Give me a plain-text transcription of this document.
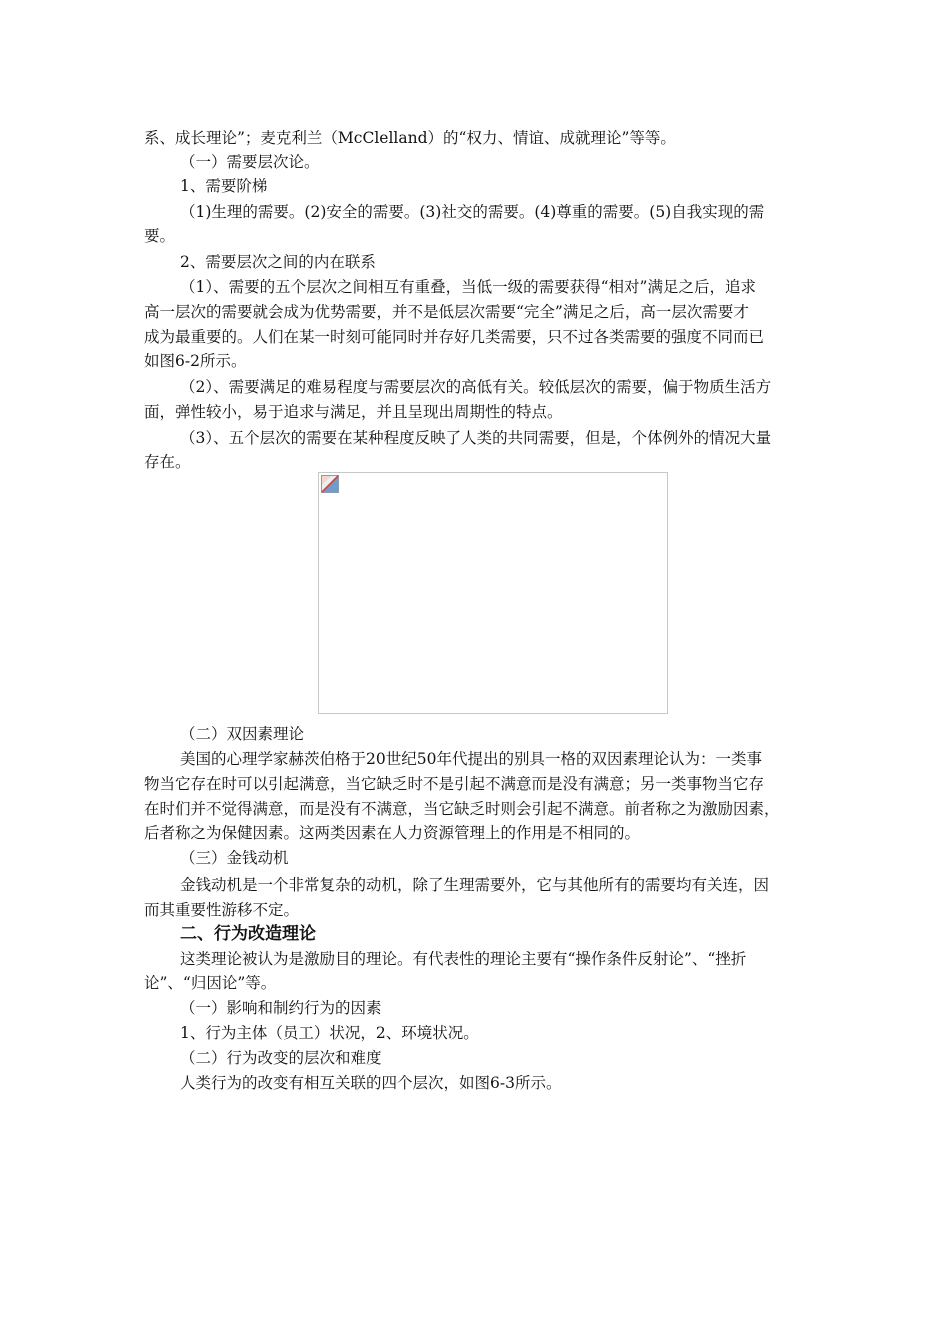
系、成长理论”；麦克利兰（McClelland）的“权力、情谊、成就理论”等等。
（一）需要层次论。
1、需要阶梯
（1)生理的需要。(2)安全的需要。(3)社交的需要。(4)尊重的需要。(5)自我实现的需
要。
2、需要层次之间的内在联系
（1）、需要的五个层次之间相互有重叠，当低一级的需要获得“相对”满足之后，追求
高一层次的需要就会成为优势需要，并不是低层次需要“完全”满足之后，高一层次需要才
成为最重要的。人们在某一时刻可能同时并存好几类需要，只不过各类需要的强度不同而已
如图6-2所示。
（2）、需要满足的难易程度与需要层次的高低有关。较低层次的需要，偏于物质生活方
面，弹性较小，易于追求与满足，并且呈现出周期性的特点。
（3）、五个层次的需要在某种程度反映了人类的共同需要，但是，个体例外的情况大量
存在。
（二）双因素理论
美国的心理学家赫茨伯格于20世纪50年代提出的别具一格的双因素理论认为：一类事
物当它存在时可以引起满意，当它缺乏时不是引起不满意而是没有满意；另一类事物当它存
在时们并不觉得满意，而是没有不满意，当它缺乏时则会引起不满意。前者称之为激励因素，
后者称之为保健因素。这两类因素在人力资源管理上的作用是不相同的。
（三）金钱动机
金钱动机是一个非常复杂的动机，除了生理需要外，它与其他所有的需要均有关连，因
而其重要性游移不定。
二、行为改造理论
这类理论被认为是激励目的理论。有代表性的理论主要有“操作条件反射论”、“挫折
论”、“归因论”等。
（一）影响和制约行为的因素
1、行为主体（员工）状况，2、环境状况。
（二）行为改变的层次和难度
人类行为的改变有相互关联的四个层次，如图6-3所示。
